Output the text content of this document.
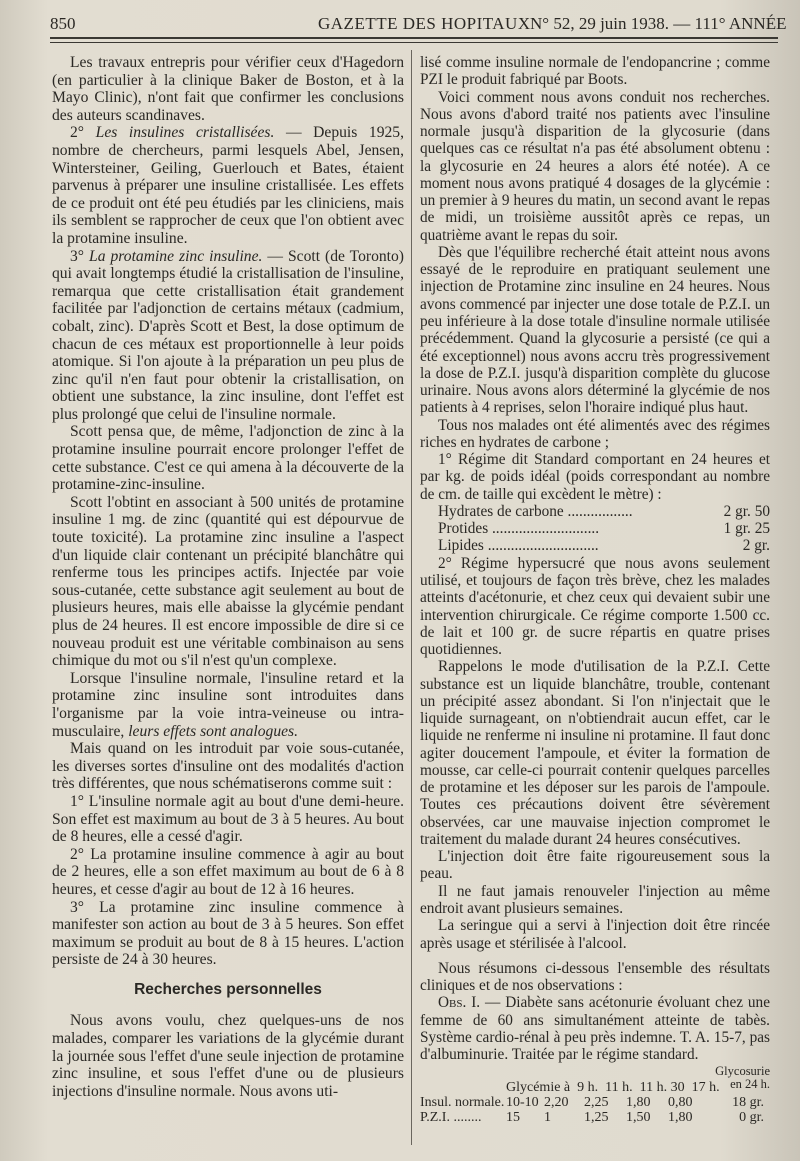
850	GAZETTE DES HOPITAUX N° 52, 29 juin 1938. — 111° ANNÉE

Les travaux entrepris pour vérifier ceux d'Hagedorn (en particulier à la clinique Baker de Boston, et à la Mayo Clinic), n'ont fait que confirmer les conclusions des auteurs scandinaves.

2° Les insulines cristallisées. — Depuis 1925, nombre de chercheurs, parmi lesquels Abel, Jensen, Wintersteiner, Geiling, Guerlouch et Bates, étaient parvenus à préparer une insuline cristallisée. Les effets de ce produit ont été peu étudiés par les cliniciens, mais ils semblent se rapprocher de ceux que l'on obtient avec la protamine insuline.

3° La protamine zinc insuline. — Scott (de Toronto) qui avait longtemps étudié la cristallisation de l'insuline, remarqua que cette cristallisation était grandement facilitée par l'adjonction de certains métaux (cadmium, cobalt, zinc). D'après Scott et Best, la dose optimum de chacun de ces métaux est proportionnelle à leur poids atomique. Si l'on ajoute à la préparation un peu plus de zinc qu'il n'en faut pour obtenir la cristallisation, on obtient une substance, la zinc insuline, dont l'effet est plus prolongé que celui de l'insuline normale.

Scott pensa que, de même, l'adjonction de zinc à la protamine insuline pourrait encore prolonger l'effet de cette substance. C'est ce qui amena à la découverte de la protamine-zinc-insuline.

Scott l'obtint en associant à 500 unités de protamine insuline 1 mg. de zinc (quantité qui est dépourvue de toute toxicité). La protamine zinc insuline a l'aspect d'un liquide clair contenant un précipité blanchâtre qui renferme tous les principes actifs. Injectée par voie sous-cutanée, cette substance agit seulement au bout de plusieurs heures, mais elle abaisse la glycémie pendant plus de 24 heures. Il est encore impossible de dire si ce nouveau produit est une véritable combinaison au sens chimique du mot ou s'il n'est qu'un complexe.

Lorsque l'insuline normale, l'insuline retard et la protamine zinc insuline sont introduites dans l'organisme par la voie intra-veineuse ou intra-musculaire, leurs effets sont analogues.

Mais quand on les introduit par voie sous-cutanée, les diverses sortes d'insuline ont des modalités d'action très différentes, que nous schématiserons comme suit :

1° L'insuline normale agit au bout d'une demi-heure. Son effet est maximum au bout de 3 à 5 heures. Au bout de 8 heures, elle a cessé d'agir.

2° La protamine insuline commence à agir au bout de 2 heures, elle a son effet maximum au bout de 6 à 8 heures, et cesse d'agir au bout de 12 à 16 heures.

3° La protamine zinc insuline commence à manifester son action au bout de 3 à 5 heures. Son effet maximum se produit au bout de 8 à 15 heures. L'action persiste de 24 à 30 heures.

Recherches personnelles

Nous avons voulu, chez quelques-uns de nos malades, comparer les variations de la glycémie durant la journée sous l'effet d'une seule injection de protamine zinc insuline, et sous l'effet d'une ou de plusieurs injections d'insuline normale. Nous avons uti-

lisé comme insuline normale de l'endopancrine ; comme PZI le produit fabriqué par Boots.

Voici comment nous avons conduit nos recherches. Nous avons d'abord traité nos patients avec l'insuline normale jusqu'à disparition de la glycosurie (dans quelques cas ce résultat n'a pas été absolument obtenu : la glycosurie en 24 heures a alors été notée). A ce moment nous avons pratiqué 4 dosages de la glycémie : un premier à 9 heures du matin, un second avant le repas de midi, un troisième aussitôt après ce repas, un quatrième avant le repas du soir.

Dès que l'équilibre recherché était atteint nous avons essayé de le reproduire en pratiquant seulement une injection de Protamine zinc insuline en 24 heures. Nous avons commencé par injecter une dose totale de P.Z.I. un peu inférieure à la dose totale d'insuline normale utilisée précédemment. Quand la glycosurie a persisté (ce qui a été exceptionnel) nous avons accru très progressivement la dose de P.Z.I. jusqu'à disparition complète du glucose urinaire. Nous avons alors déterminé la glycémie de nos patients à 4 reprises, selon l'horaire indiqué plus haut.

Tous nos malades ont été alimentés avec des régimes riches en hydrates de carbone ;

1° Régime dit Standard comportant en 24 heures et par kg. de poids idéal (poids correspondant au nombre de cm. de taille qui excèdent le mètre) :

Hydrates de carbone .................	2 gr. 50
Protides ............................	1 gr. 25
Lipides .............................	2 gr.

2° Régime hypersucré que nous avons seulement utilisé, et toujours de façon très brève, chez les malades atteints d'acétonurie, et chez ceux qui devaient subir une intervention chirurgicale. Ce régime comporte 1.500 cc. de lait et 100 gr. de sucre répartis en quatre prises quotidiennes.

Rappelons le mode d'utilisation de la P.Z.I. Cette substance est un liquide blanchâtre, trouble, contenant un précipité assez abondant. Si l'on n'injectait que le liquide surnageant, on n'obtiendrait aucun effet, car le liquide ne renferme ni insuline ni protamine. Il faut donc agiter doucement l'ampoule, et éviter la formation de mousse, car celle-ci pourrait contenir quelques parcelles de protamine et les déposer sur les parois de l'ampoule. Toutes ces précautions doivent être sévèrement observées, car une mauvaise injection compromet le traitement du malade durant 24 heures consécutives.

L'injection doit être faite rigoureusement sous la peau.

Il ne faut jamais renouveler l'injection au même endroit avant plusieurs semaines.

La seringue qui a servi à l'injection doit être rincée après usage et stérilisée à l'alcool.

Nous résumons ci-dessous l'ensemble des résultats cliniques et de nos observations :

Obs. I. — Diabète sans acétonurie évoluant chez une femme de 60 ans simultanément atteinte de tabès. Système cardio-rénal à peu près indemne. T. A. 15-7, pas d'albuminurie. Traitée par le régime standard.

Glycémie à 9 h. 11 h. 11 h. 30 17 h.
Glycosurie en 24 h.
Insul. normale. 10-10 2,20	2,25	1,80	0,80	18 gr.
P.Z.I. ........	15	1	1,25	1,50	1,80	0 gr.
